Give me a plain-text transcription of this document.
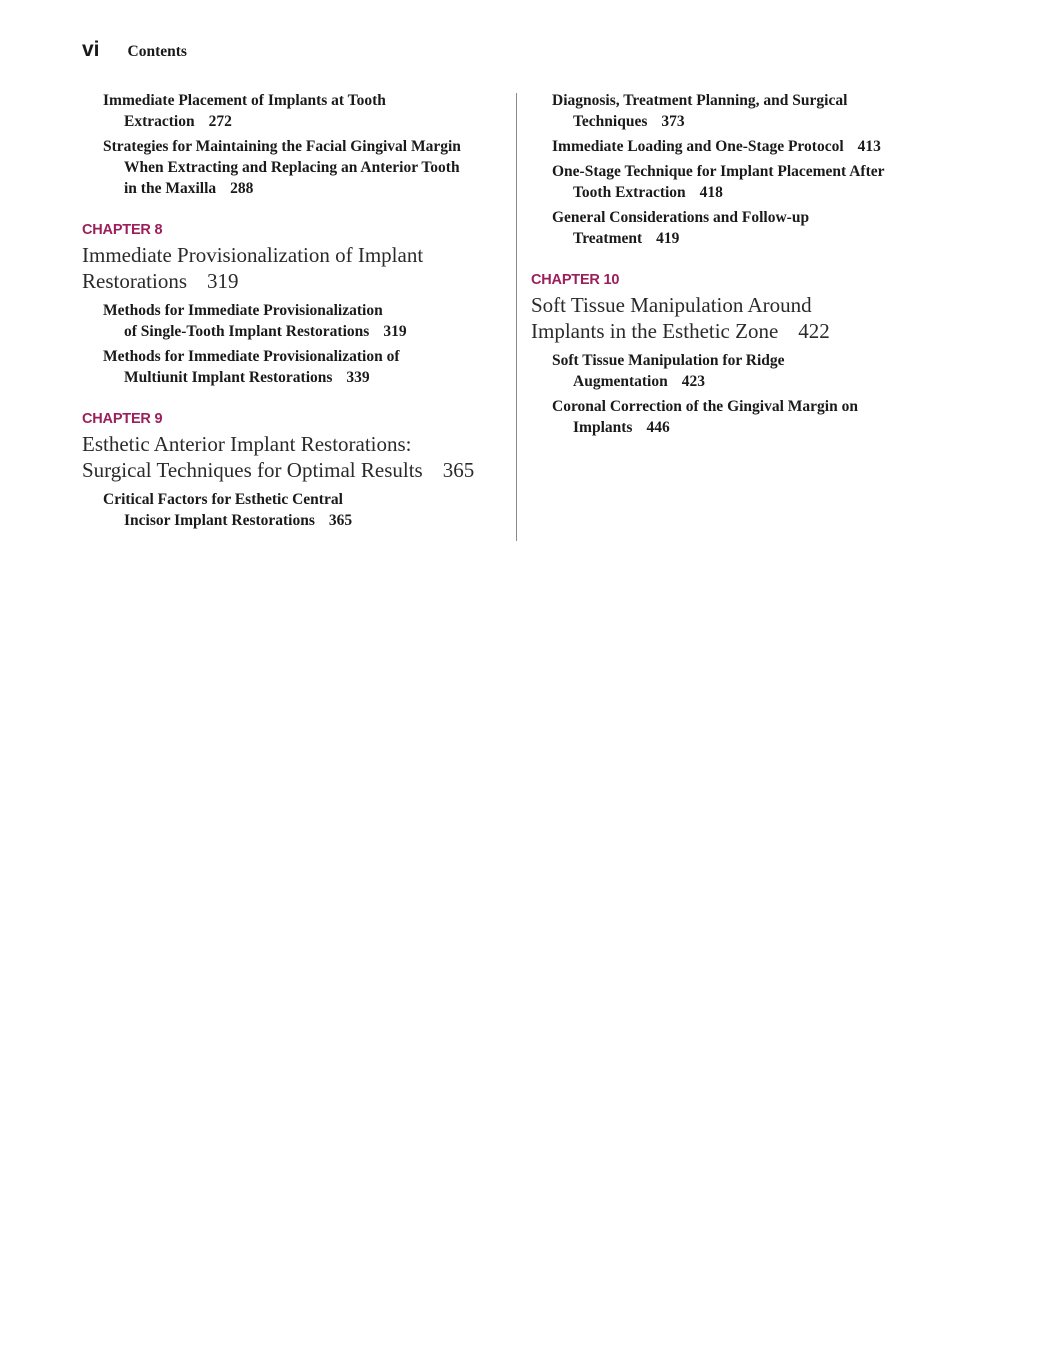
vi Contents
Immediate Placement of Implants at Tooth
Extraction 272
Strategies for Maintaining the Facial Gingival Margin
When Extracting and Replacing an Anterior Tooth
in the Maxilla 288
CHAPTER 8
Immediate Provisionalization of Implant
Restorations 319
Methods for Immediate Provisionalization
of Single-Tooth Implant Restorations 319
Methods for Immediate Provisionalization of
Multiunit Implant Restorations 339
CHAPTER 9
Esthetic Anterior Implant Restorations:
Surgical Techniques for Optimal Results 365
Critical Factors for Esthetic Central
Incisor Implant Restorations 365
Diagnosis, Treatment Planning, and Surgical
Techniques 373
Immediate Loading and One-Stage Protocol 413
One-Stage Technique for Implant Placement After
Tooth Extraction 418
General Considerations and Follow-up
Treatment 419
CHAPTER 10
Soft Tissue Manipulation Around
Implants in the Esthetic Zone 422
Soft Tissue Manipulation for Ridge
Augmentation 423
Coronal Correction of the Gingival Margin on
Implants 446
